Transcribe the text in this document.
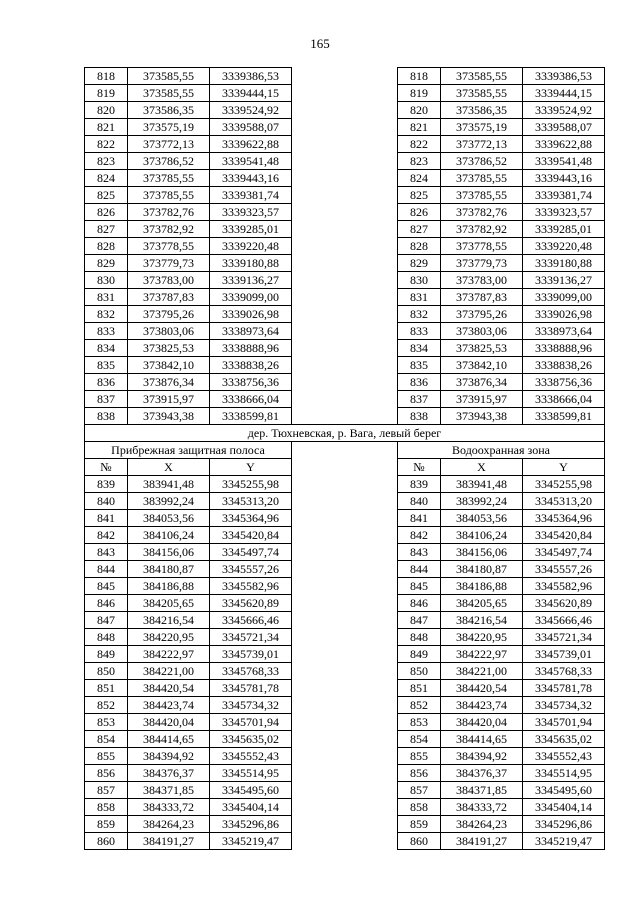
165
818	373585,55	3339386,53		818	373585,55	3339386,53
819	373585,55	3339444,15		819	373585,55	3339444,15
820	373586,35	3339524,92		820	373586,35	3339524,92
821	373575,19	3339588,07		821	373575,19	3339588,07
822	373772,13	3339622,88		822	373772,13	3339622,88
823	373786,52	3339541,48		823	373786,52	3339541,48
824	373785,55	3339443,16		824	373785,55	3339443,16
825	373785,55	3339381,74		825	373785,55	3339381,74
826	373782,76	3339323,57		826	373782,76	3339323,57
827	373782,92	3339285,01		827	373782,92	3339285,01
828	373778,55	3339220,48		828	373778,55	3339220,48
829	373779,73	3339180,88		829	373779,73	3339180,88
830	373783,00	3339136,27		830	373783,00	3339136,27
831	373787,83	3339099,00		831	373787,83	3339099,00
832	373795,26	3339026,98		832	373795,26	3339026,98
833	373803,06	3338973,64		833	373803,06	3338973,64
834	373825,53	3338888,96		834	373825,53	3338888,96
835	373842,10	3338838,26		835	373842,10	3338838,26
836	373876,34	3338756,36		836	373876,34	3338756,36
837	373915,97	3338666,04		837	373915,97	3338666,04
838	373943,38	3338599,81		838	373943,38	3338599,81
дер. Тюхневская, р. Вага, левый берег						
Прибрежная защитная полоса				Водоохранная зона		
№	X	Y		№	X	Y
839	383941,48	3345255,98		839	383941,48	3345255,98
840	383992,24	3345313,20		840	383992,24	3345313,20
841	384053,56	3345364,96		841	384053,56	3345364,96
842	384106,24	3345420,84		842	384106,24	3345420,84
843	384156,06	3345497,74		843	384156,06	3345497,74
844	384180,87	3345557,26		844	384180,87	3345557,26
845	384186,88	3345582,96		845	384186,88	3345582,96
846	384205,65	3345620,89		846	384205,65	3345620,89
847	384216,54	3345666,46		847	384216,54	3345666,46
848	384220,95	3345721,34		848	384220,95	3345721,34
849	384222,97	3345739,01		849	384222,97	3345739,01
850	384221,00	3345768,33		850	384221,00	3345768,33
851	384420,54	3345781,78		851	384420,54	3345781,78
852	384423,74	3345734,32		852	384423,74	3345734,32
853	384420,04	3345701,94		853	384420,04	3345701,94
854	384414,65	3345635,02		854	384414,65	3345635,02
855	384394,92	3345552,43		855	384394,92	3345552,43
856	384376,37	3345514,95		856	384376,37	3345514,95
857	384371,85	3345495,60		857	384371,85	3345495,60
858	384333,72	3345404,14		858	384333,72	3345404,14
859	384264,23	3345296,86		859	384264,23	3345296,86
860	384191,27	3345219,47		860	384191,27	3345219,47
